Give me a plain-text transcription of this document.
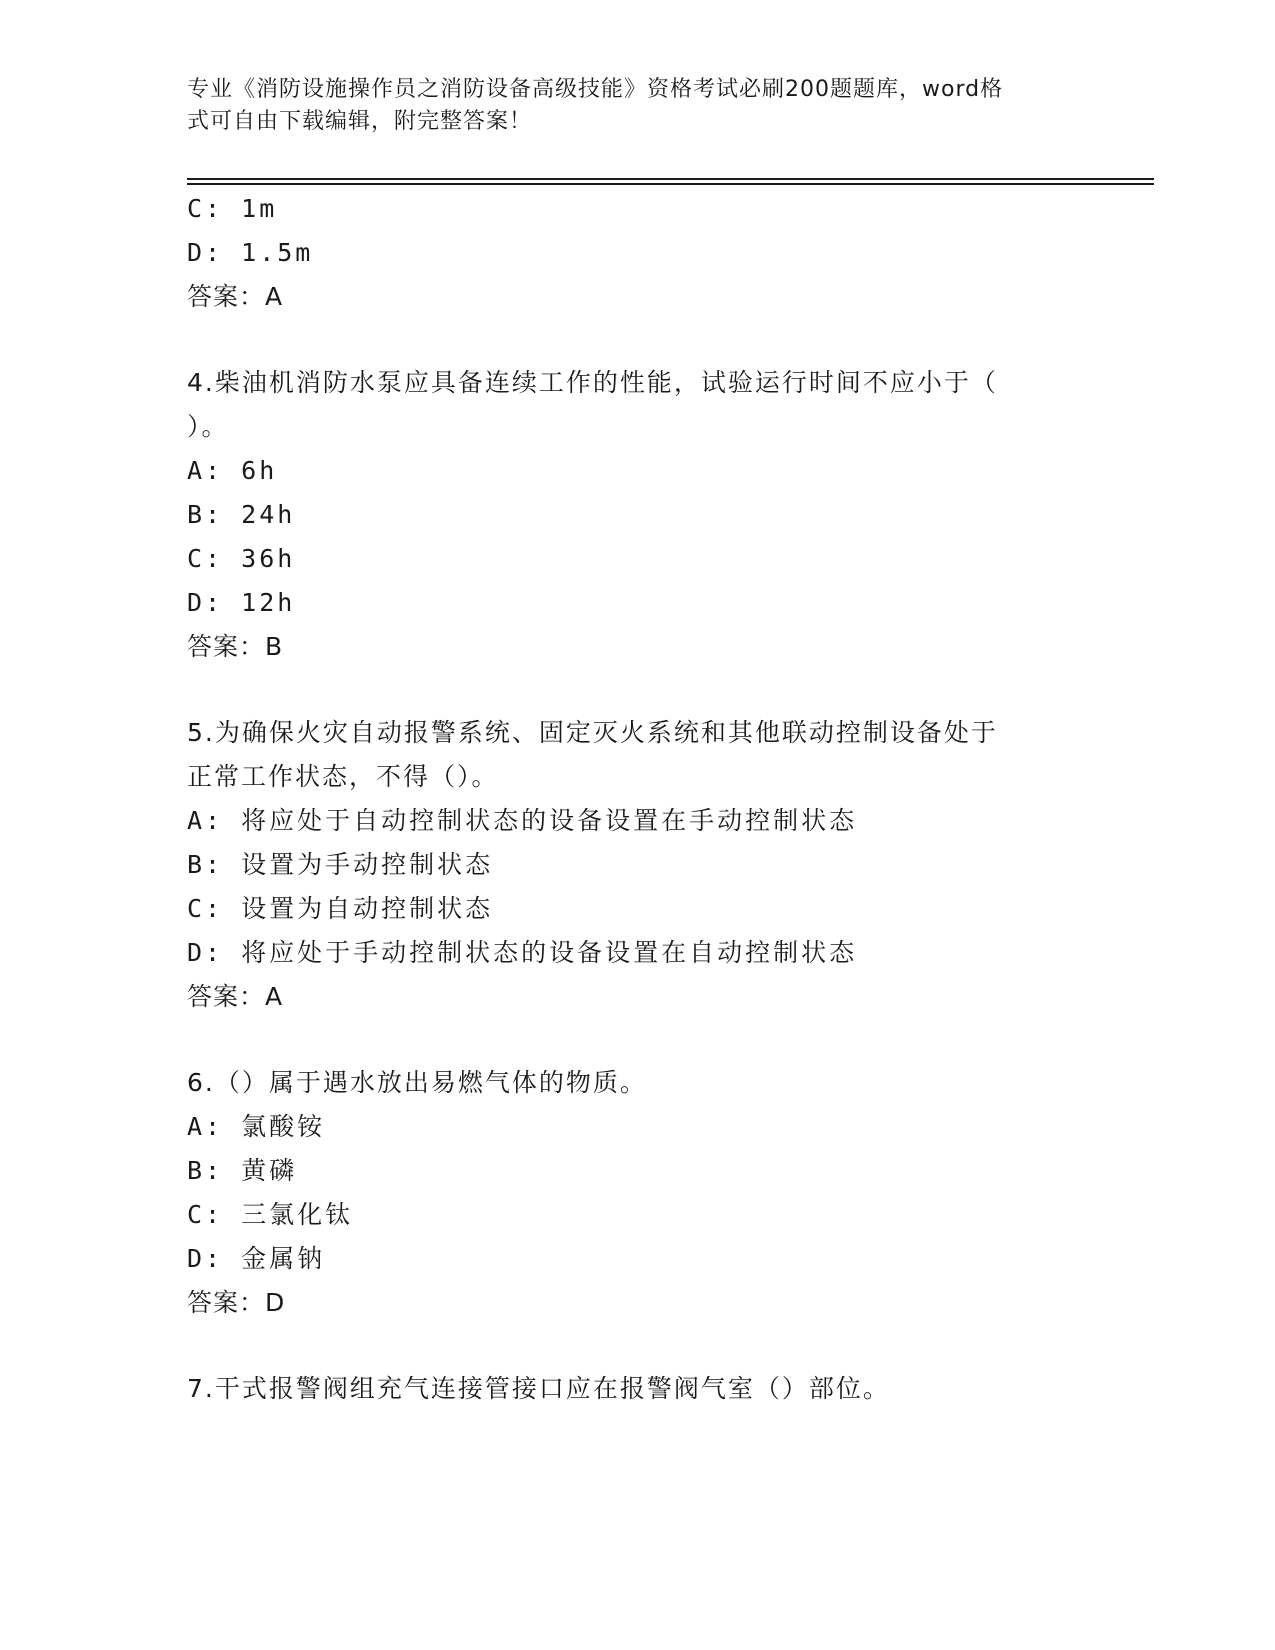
专业《消防设施操作员之消防设备高级技能》资格考试必刷200题题库，word格
式可自由下载编辑，附完整答案！
C: 1m
D: 1.5m
答案：A
4.柴油机消防水泵应具备连续工作的性能，试验运行时间不应小于（
）。
A: 6h
B: 24h
C: 36h
D: 12h
答案：B
5.为确保火灾自动报警系统、固定灭火系统和其他联动控制设备处于
正常工作状态，不得（）。
A: 将应处于自动控制状态的设备设置在手动控制状态
B: 设置为手动控制状态
C: 设置为自动控制状态
D: 将应处于手动控制状态的设备设置在自动控制状态
答案：A
6.（）属于遇水放出易燃气体的物质。
A: 氯酸铵
B: 黄磷
C: 三氯化钛
D: 金属钠
答案：D
7.干式报警阀组充气连接管接口应在报警阀气室（）部位。
